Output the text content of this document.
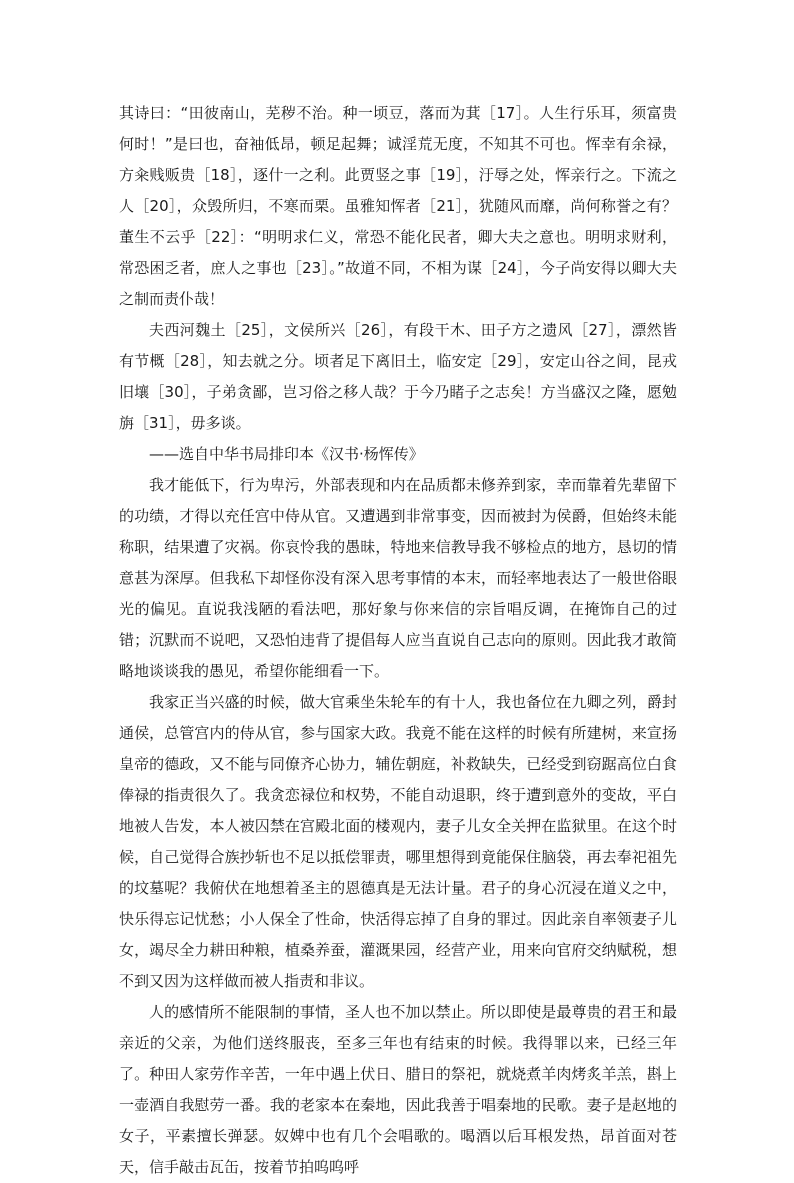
其诗曰：“田彼南山，芜秽不治。种一顷豆，落而为萁［17］。人生行乐耳，须富贵何时！”是曰也，奋袖低昂，顿足起舞；诚淫荒无度，不知其不可也。恽幸有余禄，方籴贱贩贵［18］，逐什一之利。此贾竖之事［19］，汙辱之处，恽亲行之。下流之人［20］，众毁所归，不寒而栗。虽雅知恽者［21］，犹随风而靡，尚何称誉之有？董生不云乎［22］：“明明求仁义，常恐不能化民者，卿大夫之意也。明明求财利，常恐困乏者，庶人之事也［23］。”故道不同，不相为谋［24］，今子尚安得以卿大夫之制而责仆哉！

夫西河魏土［25］，文侯所兴［26］，有段干木、田子方之遗风［27］，漂然皆有节概［28］，知去就之分。顷者足下离旧土，临安定［29］，安定山谷之间，昆戎旧壤［30］，子弟贪鄙，岂习俗之移人哉？于今乃睹子之志矣！方当盛汉之隆，愿勉旃［31］，毋多谈。

——选自中华书局排印本《汉书·杨恽传》

我才能低下，行为卑污，外部表现和内在品质都未修养到家，幸而靠着先辈留下的功绩，才得以充任宫中侍从官。又遭遇到非常事变，因而被封为侯爵，但始终未能称职，结果遭了灾祸。你哀怜我的愚昧，特地来信教导我不够检点的地方，恳切的情意甚为深厚。但我私下却怪你没有深入思考事情的本末，而轻率地表达了一般世俗眼光的偏见。直说我浅陋的看法吧，那好象与你来信的宗旨唱反调，在掩饰自己的过错；沉默而不说吧，又恐怕违背了提倡每人应当直说自己志向的原则。因此我才敢简略地谈谈我的愚见，希望你能细看一下。

我家正当兴盛的时候，做大官乘坐朱轮车的有十人，我也备位在九卿之列，爵封通侯，总管宫内的侍从官，参与国家大政。我竟不能在这样的时候有所建树，来宣扬皇帝的德政，又不能与同僚齐心协力，辅佐朝庭，补救缺失，已经受到窃踞高位白食俸禄的指责很久了。我贪恋禄位和权势，不能自动退职，终于遭到意外的变故，平白地被人告发，本人被囚禁在宫殿北面的楼观内，妻子儿女全关押在监狱里。在这个时候，自己觉得合族抄斩也不足以抵偿罪责，哪里想得到竟能保住脑袋，再去奉祀祖先的坟墓呢？我俯伏在地想着圣主的恩德真是无法计量。君子的身心沉浸在道义之中，快乐得忘记忧愁；小人保全了性命，快活得忘掉了自身的罪过。因此亲自率领妻子儿女，竭尽全力耕田种粮，植桑养蚕，灌溉果园，经营产业，用来向官府交纳赋税，想不到又因为这样做而被人指责和非议。

人的感情所不能限制的事情，圣人也不加以禁止。所以即使是最尊贵的君王和最亲近的父亲，为他们送终服丧，至多三年也有结束的时候。我得罪以来，已经三年了。种田人家劳作辛苦，一年中遇上伏日、腊日的祭祀，就烧煮羊肉烤炙羊羔，斟上一壶酒自我慰劳一番。我的老家本在秦地，因此我善于唱秦地的民歌。妻子是赵地的女子，平素擅长弹瑟。奴婢中也有几个会唱歌的。喝酒以后耳根发热，昂首面对苍天，信手敲击瓦缶，按着节拍呜呜呼
